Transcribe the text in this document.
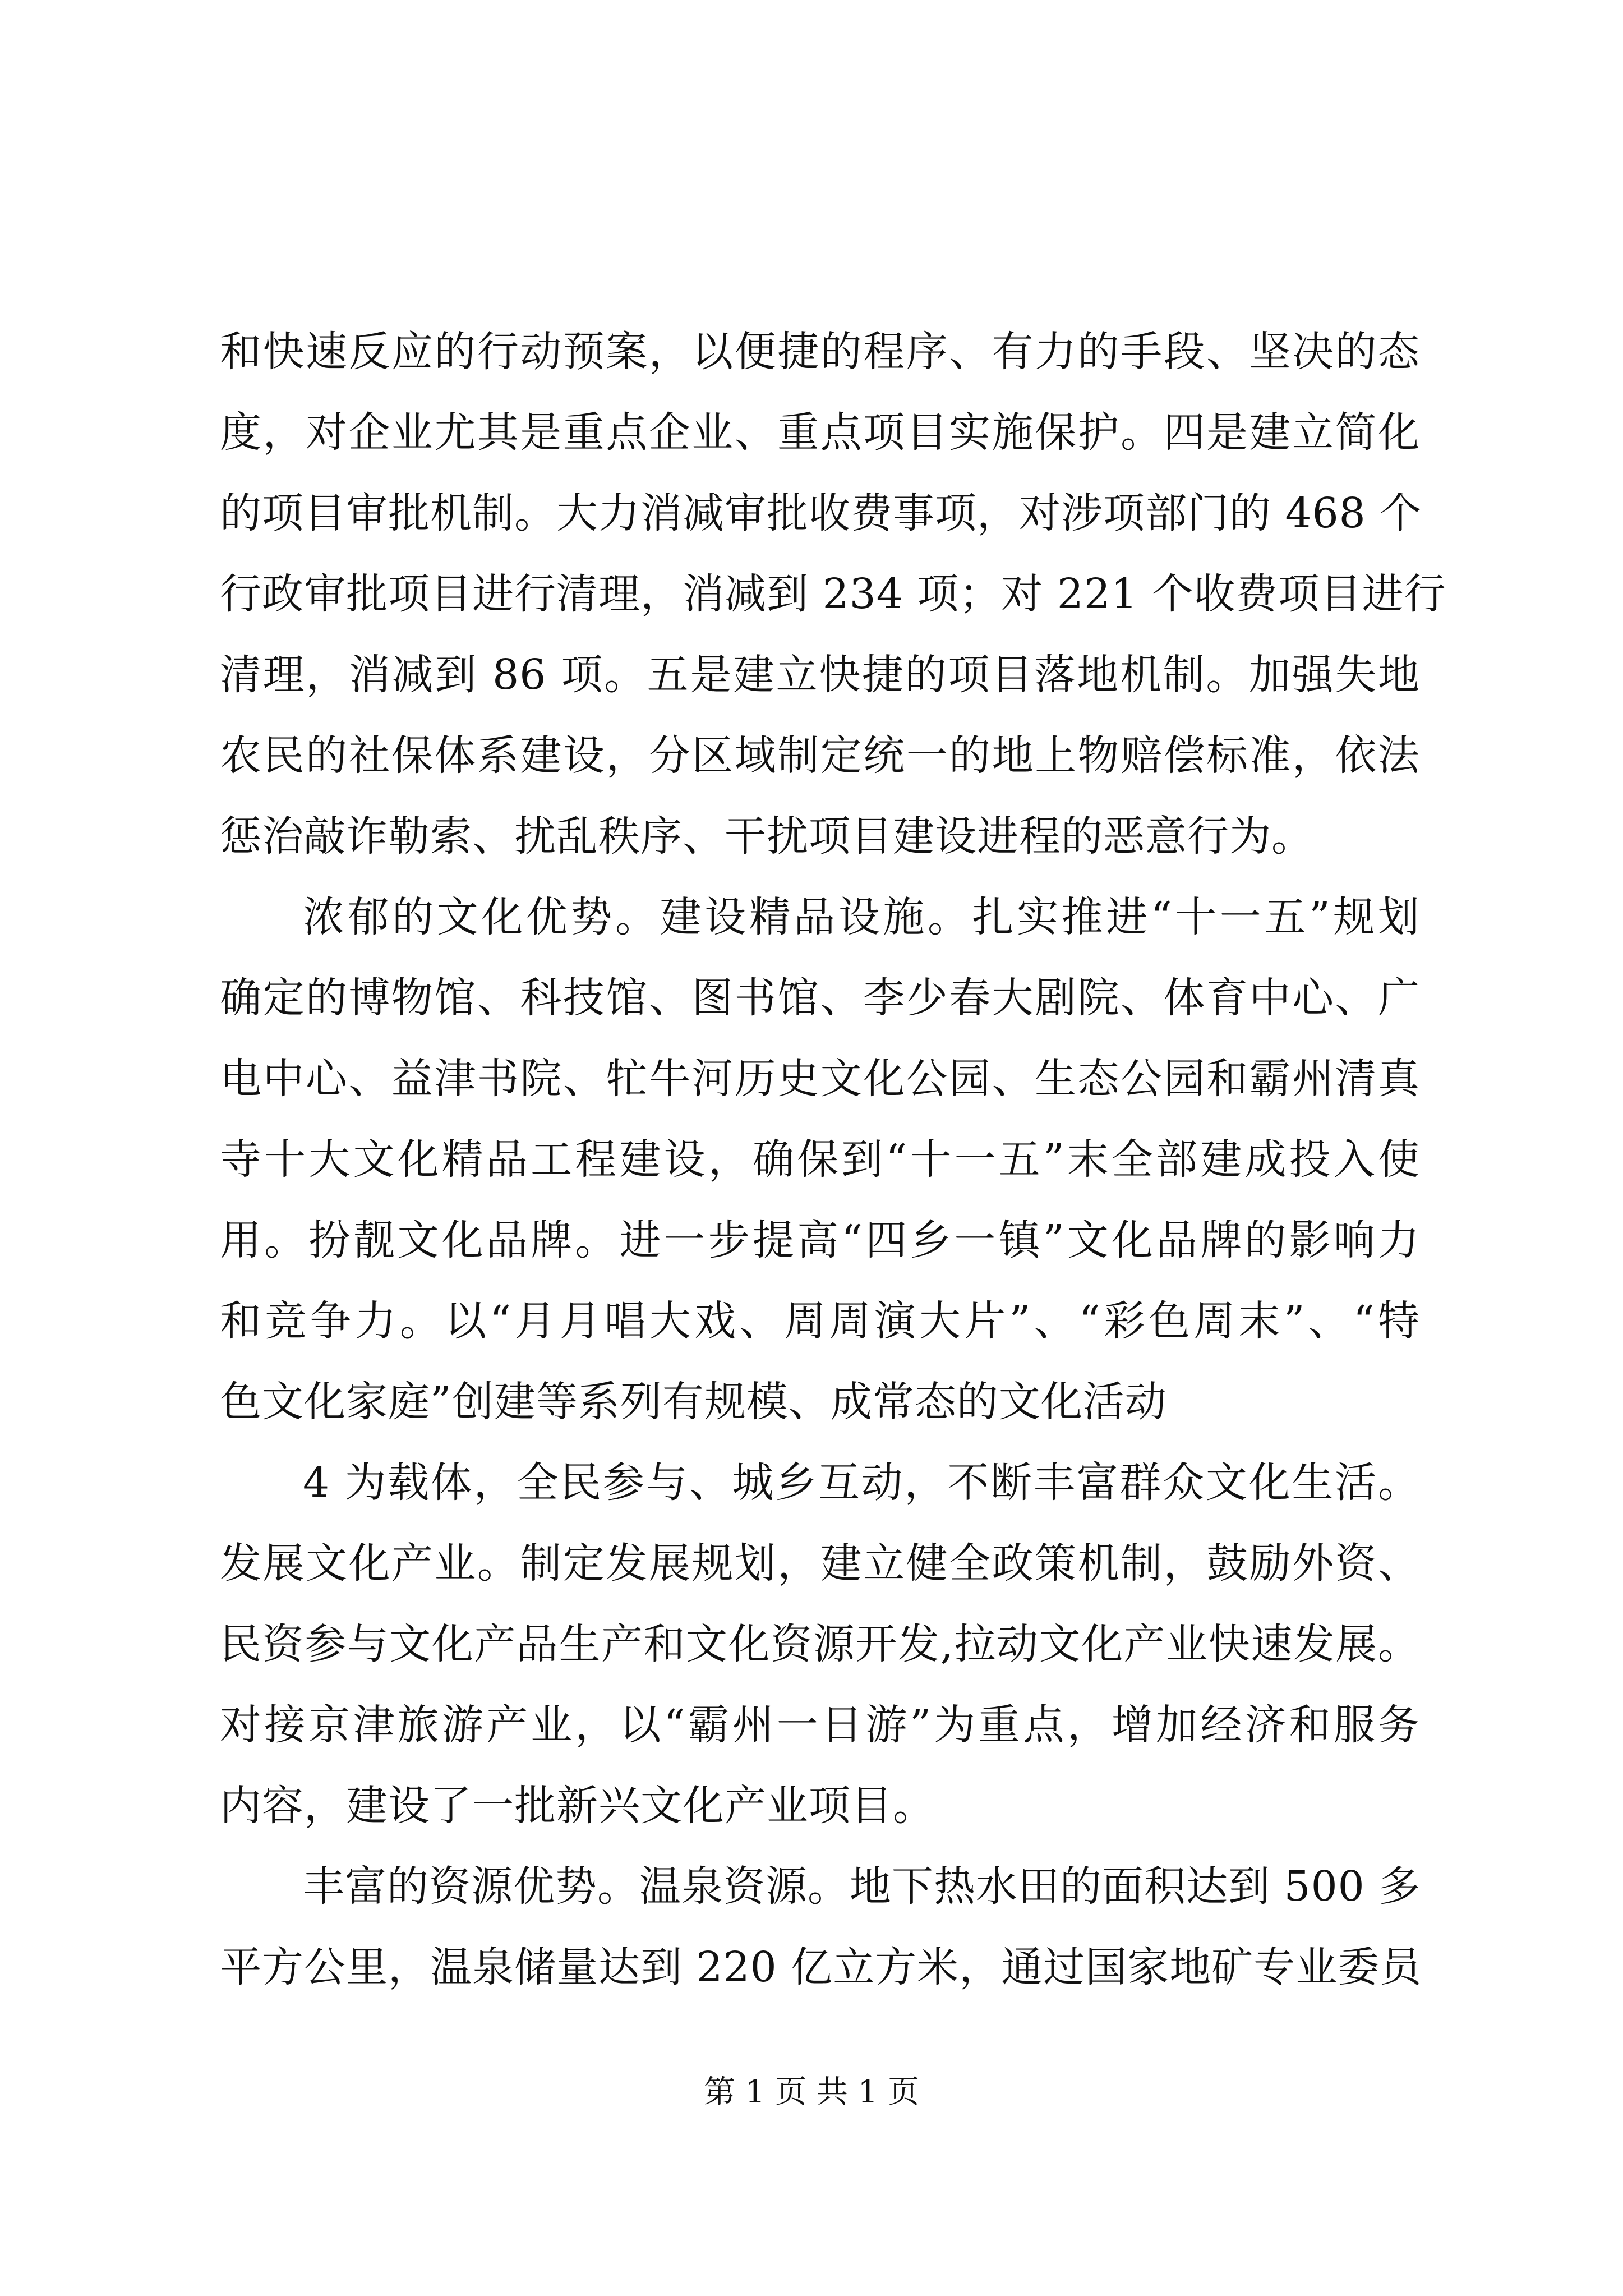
和快速反应的行动预案，以便捷的程序、有力的手段、坚决的态
度，对企业尤其是重点企业、重点项目实施保护。四是建立简化
的项目审批机制。大力消减审批收费事项，对涉项部门的 468 个
行政审批项目进行清理，消减到 234 项；对 221 个收费项目进行
清理，消减到 86 项。五是建立快捷的项目落地机制。加强失地
农民的社保体系建设，分区域制定统一的地上物赔偿标准，依法
惩治敲诈勒索、扰乱秩序、干扰项目建设进程的恶意行为。
浓郁的文化优势。建设精品设施。扎实推进“十一五”规划
确定的博物馆、科技馆、图书馆、李少春大剧院、体育中心、广
电中心、益津书院、牤牛河历史文化公园、生态公园和霸州清真
寺十大文化精品工程建设，确保到“十一五”末全部建成投入使
用。扮靓文化品牌。进一步提高“四乡一镇”文化品牌的影响力
和竞争力。以“月月唱大戏、周周演大片”、“彩色周末”、“特
色文化家庭”创建等系列有规模、成常态的文化活动
4 为载体，全民参与、城乡互动，不断丰富群众文化生活。
发展文化产业。制定发展规划，建立健全政策机制，鼓励外资、
民资参与文化产品生产和文化资源开发,拉动文化产业快速发展。
对接京津旅游产业，以“霸州一日游”为重点，增加经济和服务
内容，建设了一批新兴文化产业项目。
丰富的资源优势。温泉资源。地下热水田的面积达到 500 多
平方公里，温泉储量达到 220 亿立方米，通过国家地矿专业委员
第 1 页 共 1 页
